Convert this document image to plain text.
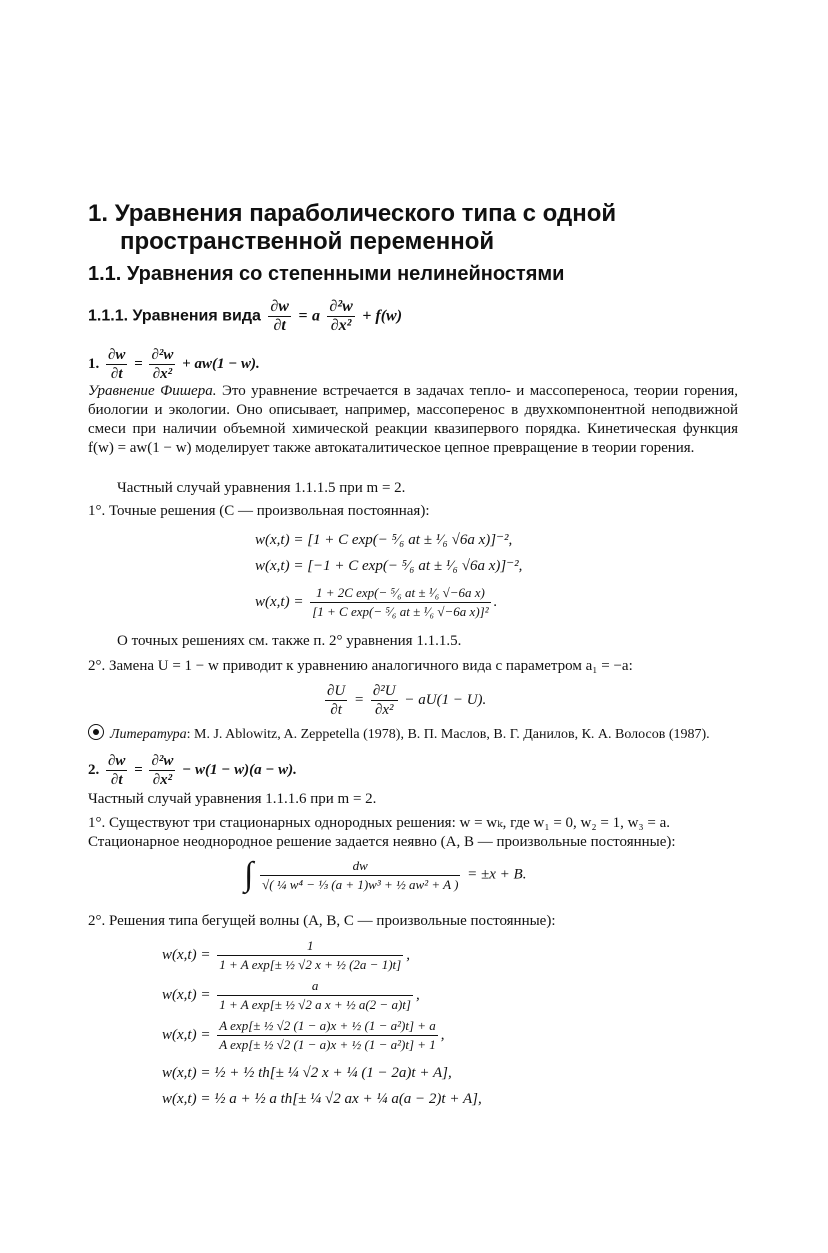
1. Уравнения параболического типа с одной
пространственной переменной
1.1. Уравнения со степенными нелинейностями
1.1.1. Уравнения вида $\frac{\partial w}{\partial t} = a \frac{\text{∂²w}}{\text{∂x²}} + f(w)$
1. $\frac{\partial w}{\partial t} = \frac{\text{∂²w}}{\text{∂x²}} + aw(1 - w)$.
Уравнение Фишера. Это уравнение встречается в задачах тепло- и массопереноса, теории горения, биологии и экологии. Оно описывает, например, массоперенос в двухкомпонентной неподвижной смеси при наличии объемной химической реакции квазипервого порядка. Кинетическая функция f(w) = aw(1 − w) моделирует также автокаталитическое цепное превращение в теории горения.
Частный случай уравнения 1.1.1.5 при m = 2.
1°. Точные решения (C — произвольная постоянная):
w(x,t) = [1 + C exp(− ⁵⁄₆ at ± ¹⁄₆ √6a x)]⁻²,
w(x,t) = [−1 + C exp(− ⁵⁄₆ at ± ¹⁄₆ √6a x)]⁻²,
$w(x,t) = \frac{\text{1 + 2C exp(− ⁵⁄₆ at ± ¹⁄₆ √−6a x)}}{\text{[1 + C exp(− ⁵⁄₆ at ± ¹⁄₆ √−6a x)]²}}$ .
О точных решениях см. также п. 2° уравнения 1.1.1.5.
2°. Замена U = 1 − w приводит к уравнению аналогичного вида с параметром a₁ = −a:
$\frac{\partial U}{\partial t} = \frac{\text{∂²U}}{\text{∂x²}} - aU(1 - U)$.
Литература: M. J. Ablowitz, A. Zeppetella (1978), В. П. Маслов, В. Г. Данилов, К. А. Волосов (1987).
2. $\frac{\partial w}{\partial t} = \frac{\text{∂²w}}{\text{∂x²}} - w(1 - w)(a - w)$.
Частный случай уравнения 1.1.1.6 при m = 2.
1°. Существуют три стационарных однородных решения: w = wₖ, где w₁ = 0, w₂ = 1, w₃ = a.
Стационарное неоднородное решение задается неявно (A, B — произвольные постоянные):
∫ $\frac{dw}{\text{√( ¼ w⁴ − ⅓ (a + 1)w³ + ½ aw² + A )}} = \pm x + B$.
2°. Решения типа бегущей волны (A, B, C — произвольные постоянные):
$w(x,t) = \frac{1}{\text{1 + A exp[± ½ √2 x + ½ (2a − 1)t]}}$ ,
$w(x,t) = \frac{a}{\text{1 + A exp[± ½ √2 a x + ½ a(2 − a)t]}}$ ,
$w(x,t) = \frac{\text{A exp[± ½ √2 (1 − a)x + ½ (1 − a²)t] + a}}{\text{A exp[± ½ √2 (1 − a)x + ½ (1 − a²)t] + 1}}$ ,
w(x,t) = ½ + ½ th[± ¼ √2 x + ¼ (1 − 2a)t + A],
w(x,t) = ½ a + ½ a th[± ¼ √2 ax + ¼ a(a − 2)t + A],
